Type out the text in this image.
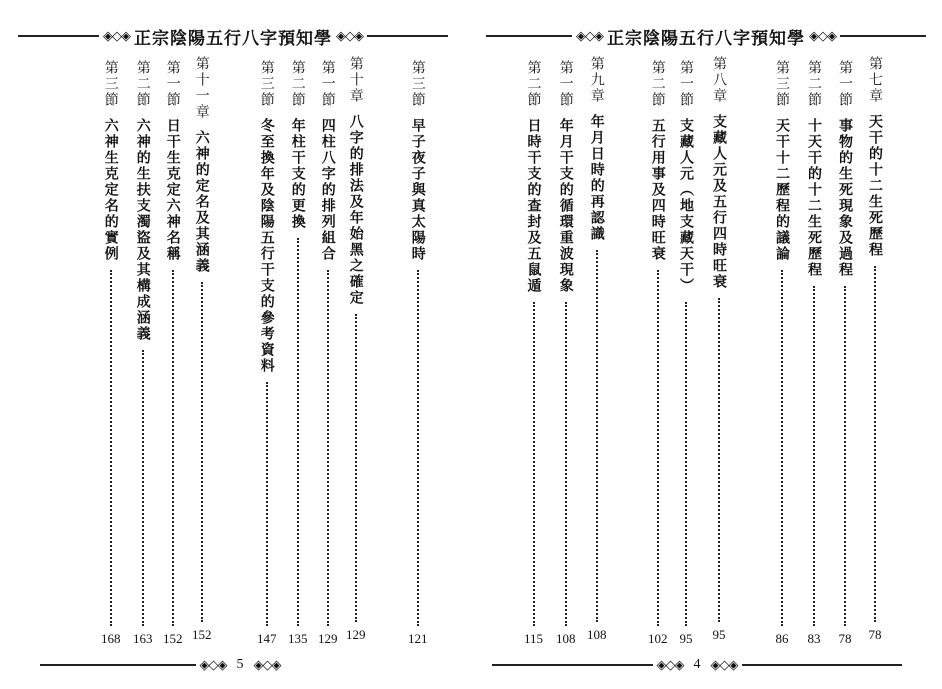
◈◇◈ 正宗陰陽五行八字預知學 ◈◇◈
第三節
早子夜子與真太陽時
121
第十章
八字的排法及年始黑之確定
129
第一節
四柱八字的排列組合
129
第二節
年柱干支的更換
135
第三節
冬至換年及陰陽五行干支的參考資料
147
第十一章
六神的定名及其涵義
152
第一節
日干生克定六神名稱
152
第二節
六神的生扶支濁盜及其構成涵義
163
第三節
六神生克定名的實例
168
◈◇◈ 5 ◈◇◈
◈◇◈ 正宗陰陽五行八字預知學 ◈◇◈
第七章
天干的十二生死歷程
78
第一節
事物的生死現象及過程
78
第二節
十天干的十二生死歷程
83
第三節
天干十二歷程的議論
86
第八章
支藏人元及五行四時旺衰
95
第一節
支藏人元（地支藏天干）
95
第二節
五行用事及四時旺衰
102
第九章
年月日時的再認識
108
第一節
年月干支的循環重波現象
108
第二節
日時干支的查封及五鼠遁
115
◈◇◈ 4 ◈◇◈
